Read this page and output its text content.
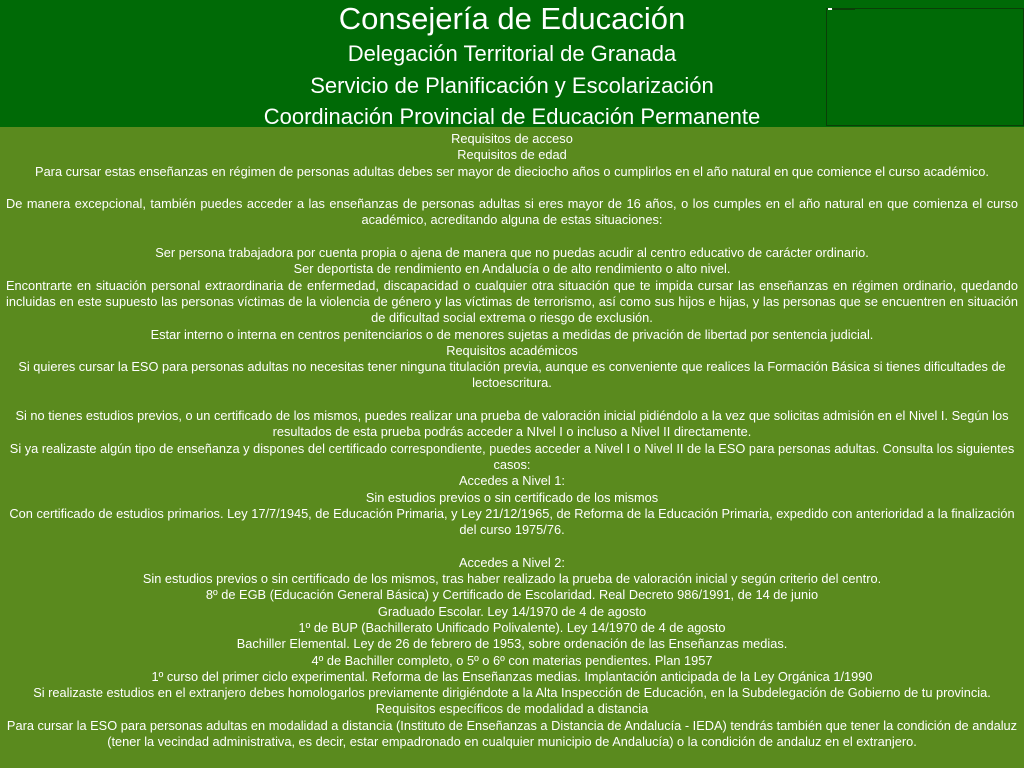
Consejería de Educación
Delegación Territorial de Granada
Servicio de Planificación y Escolarización
Coordinación Provincial de Educación Permanente

Requisitos de acceso

Requisitos de edad

Para cursar estas enseñanzas en régimen de personas adultas debes ser mayor de dieciocho años o cumplirlos en el año natural en que comience el curso académico.

De manera excepcional, también puedes acceder a las enseñanzas de personas adultas si eres mayor de 16 años, o los cumples en el año natural en que comienza el curso académico, acreditando alguna de estas situaciones:

Ser persona trabajadora por cuenta propia o ajena de manera que no puedas acudir al centro educativo de carácter ordinario.

Ser deportista de rendimiento en Andalucía o de alto rendimiento o alto nivel.

Encontrarte en situación personal extraordinaria de enfermedad, discapacidad o cualquier otra situación que te impida cursar las enseñanzas en régimen ordinario, quedando incluidas en este supuesto las personas víctimas de la violencia de género y las víctimas de terrorismo, así como sus hijos e hijas, y las personas que se encuentren en situación de dificultad social extrema o riesgo de exclusión.

Estar interno o interna en centros penitenciarios o de menores sujetas a medidas de privación de libertad por sentencia judicial.

Requisitos académicos

Si quieres cursar la ESO para personas adultas no necesitas tener ninguna titulación previa, aunque es conveniente que realices la Formación Básica si tienes dificultades de lectoescritura.

Si no tienes estudios previos, o un certificado de los mismos, puedes realizar una prueba de valoración inicial pidiéndolo a la vez que solicitas admisión en el Nivel I. Según los resultados de esta prueba podrás acceder a NIvel I o incluso a Nivel II directamente.

Si ya realizaste algún tipo de enseñanza y dispones del certificado correspondiente, puedes acceder a Nivel I o Nivel II de la ESO para personas adultas. Consulta los siguientes casos:

Accedes a Nivel 1:

Sin estudios previos o sin certificado de los mismos

Con certificado de estudios primarios. Ley 17/7/1945, de Educación Primaria, y Ley 21/12/1965, de Reforma de la Educación Primaria, expedido con anterioridad a la finalización del curso 1975/76.

Accedes a Nivel 2:

Sin estudios previos o sin certificado de los mismos, tras haber realizado la prueba de valoración inicial y según criterio del centro.

8º de EGB (Educación General Básica) y Certificado de Escolaridad. Real Decreto 986/1991, de 14 de junio

Graduado Escolar. Ley 14/1970 de 4 de agosto

1º de BUP (Bachillerato Unificado Polivalente). Ley 14/1970 de 4 de agosto

Bachiller Elemental. Ley de 26 de febrero de 1953, sobre ordenación de las Enseñanzas medias.

4º de Bachiller completo, o 5º o 6º con materias pendientes. Plan 1957

1º curso del primer ciclo experimental. Reforma de las Enseñanzas medias. Implantación anticipada de la Ley Orgánica 1/1990

Si realizaste estudios en el extranjero debes homologarlos previamente dirigiéndote a la Alta Inspección de Educación, en la Subdelegación de Gobierno de tu provincia.

Requisitos específicos de modalidad a distancia

Para cursar la ESO para personas adultas en modalidad a distancia (Instituto de Enseñanzas a Distancia de Andalucía - IEDA) tendrás también que tener la condición de andaluz (tener la vecindad administrativa, es decir, estar empadronado en cualquier municipio de Andalucía) o la condición de andaluz en el extranjero.
